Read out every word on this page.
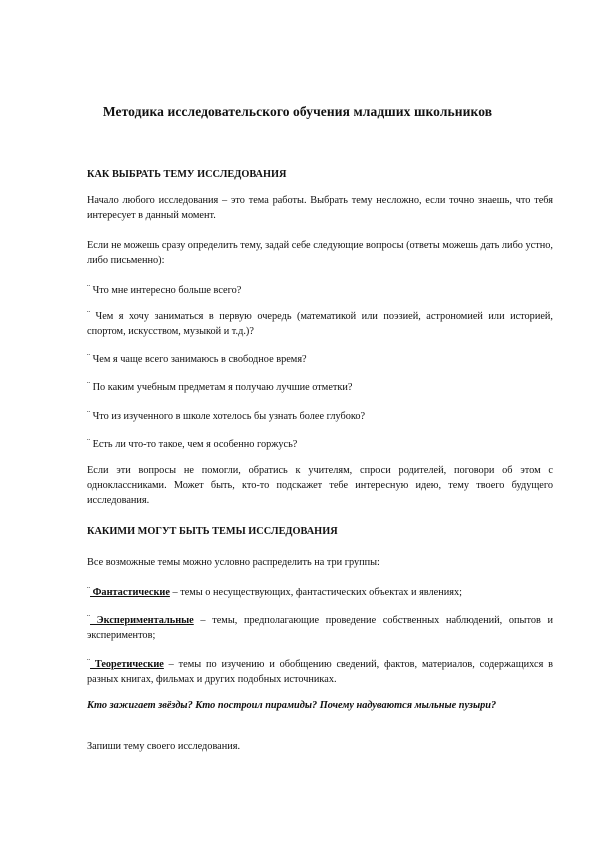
Методика исследовательского обучения младших школьников
КАК ВЫБРАТЬ ТЕМУ ИССЛЕДОВАНИЯ

Начало любого исследования – это тема работы. Выбрать тему несложно, если точно знаешь, что тебя интересует в данный момент.

Если не можешь сразу определить тему, задай себе следующие вопросы (ответы можешь дать либо устно, либо письменно):

¨ Что мне интересно больше всего?

¨ Чем я хочу заниматься в первую очередь (математикой или поэзией, астрономией или историей, спортом, искусством, музыкой и т.д.)?

¨ Чем я чаще всего занимаюсь в свободное время?

¨ По каким учебным предметам я получаю лучшие отметки?

¨ Что из изученного в школе хотелось бы узнать более глубоко?

¨ Есть ли что-то такое, чем я особенно горжусь?

Если эти вопросы не помогли, обратись к учителям, спроси родителей, поговори об этом с одноклассниками. Может быть, кто-то подскажет тебе интересную идею, тему твоего будущего исследования.

КАКИМИ МОГУТ БЫТЬ ТЕМЫ ИССЛЕДОВАНИЯ

Все возможные темы можно условно распределить на три группы:

¨ Фантастические – темы о несуществующих, фантастических объектах и явлениях;

¨ Экспериментальные – темы, предполагающие проведение собственных наблюдений, опытов и экспериментов;

¨ Теоретические – темы по изучению и обобщению сведений, фактов, материалов, содержащихся в разных книгах, фильмах и других подобных источниках.

Кто зажигает звёзды? Кто построил пирамиды? Почему надуваются мыльные пузыри?

Запиши тему своего исследования.
